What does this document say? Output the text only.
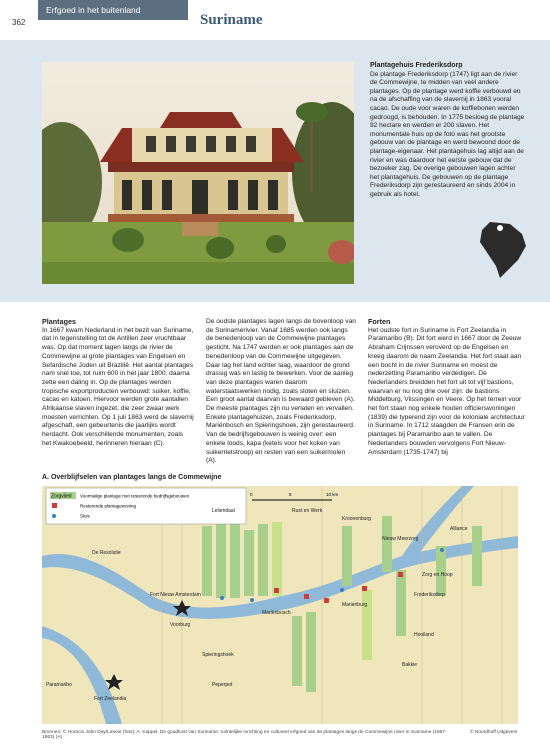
Erfgoed in het buitenland
362	Suriname
Plantagehuis Frederiksdorp

De plantage Frederiksdorp (1747) ligt aan de rivier de Commewijne, te midden van veel andere plantages. Op de plantage werd koffie verbouwd en na de afschaffing van de slavernij in 1863 vooral cacao. De oude voor waren de koffiebonen werden gedroogd, is behouden. In 1775 besloeg de plantage 92 hectare en werden er 200 slaven. Het monumentale huis op de foto was het grootste gebouw van de plantage en werd bewoond door de plantage-eigenaar. Het plantagehuis lag altijd aan de rivier en was daardoor het eerste gebouw dat de bezoeker zag. De overige gebouwen lagen achter het plantagehuis. De gebouwen op de plantage Frederiksdorp zijn gerestaureerd en sinds 2004 in gebruik als hotel.

Plantages

In 1667 kwam Nederland in het bezit van Suriname, dat in tegenstelling tot de Antillen zeer vruchtbaar was. Op dat moment lagen langs de rivier de Commewijne al grote plantages van Engelsen en Sefardische Joden uit Brazilië. Het aantal plantages nam snel toe, tot ruim 600 in het jaar 1800; daarna zette een daling in. Op de plantages werden tropische exportproducten verbouwd: suiker, koffie, cacao en katoen. Hiervoor werden grote aantallen Afrikaanse slaven ingezet, die zeer zwaar werk moesten verrichten. Op 1 juli 1863 werd de slavernij afgeschaft, een gebeurtenis die jaarlijks wordt herdacht. Ook verschillende monumenten, zoals het Kwakoebeeld, herinneren hieraan (C).

De oudste plantages lagen langs de bovenloop van de Surinamerivier. Vanaf 1685 werden ook langs de benedenloop van de Commewijne plantages gesticht. Na 1747 werden er ook plantages aan de benedenloop van de Commewijne uitgegeven. Daar lag het land echter laag, waardoor de grond drassig was en lastig te bewerken. Voor de aanleg van deze plantages waren daarom waterstaatswerken nodig, zoals sloten en sluizen. Een groot aantal daarvan is bewaard gebleven (A). De meeste plantages zijn nu verlaten en vervallen. Enkele plantagehuizen, zoals Frederiksdorp, Mariënbosch en Spieringshoek, zijn gerestaureerd. Van de bedrijfsgebouwen is weinig over: een enkele loods, kapa (ketels voor het koken van suikerrietstroop) en resten van een suikermolen (A).

Forten

Het oudste fort in Suriname is Fort Zeelandia in Paramaribo (B). Dit fort werd in 1667 door de Zeeuw Abraham Crijnssen veroverd op de Engelsen en kreeg daarom de naam Zeelandia. Het fort staat aan een bocht in de rivier Suriname en moest de nederzetting Paramaribo verdedigen. De Nederlanders breidden het fort uit tot vijf bastions, waarvan er nu nog drie over zijn: de bastions Middelburg, Vlissingen en Veere. Op het terrein voor het fort staan nog enkele houten officierswoningen (1839) die typerend zijn voor de koloniale architectuur in Suriname. In 1712 slaagden de Fransen erin de plantages bij Paramaribo aan te vallen. De Nederlanders bouwden vervolgens Fort Nieuw-Amsterdam (1735-1747) bij

A. Overblijfselen van plantages langs de Commewijne
Zorgvlied Voormalige plantage met resterende bedrijfsgebouwen
Resterende plantagewoning
Sluis
0	5	10 km
Fort Nieuw Amsterdam
Paramaribo
Fort Zeelandia
De Resolutie
Voorburg
Frederiksdorp
Marienburg
Hooiland
Alliance
Mariënbosch
Zorg en Hoop
Bakkie
Leliendaal	Rust en Werk
Spieringshoek
Kroonenburg
Peperpot
Nieuw Meerzorg
Bronnen: © Horacio John Day/Lineair (foto); A. Kappel, De goudkust van Suriname: ruimtelijke inrichting en cultureel erfgoed van de plantages langs de Commewijne rivier in Suriname (1667-1863) (A)
© Noordhoff Uitgevers
